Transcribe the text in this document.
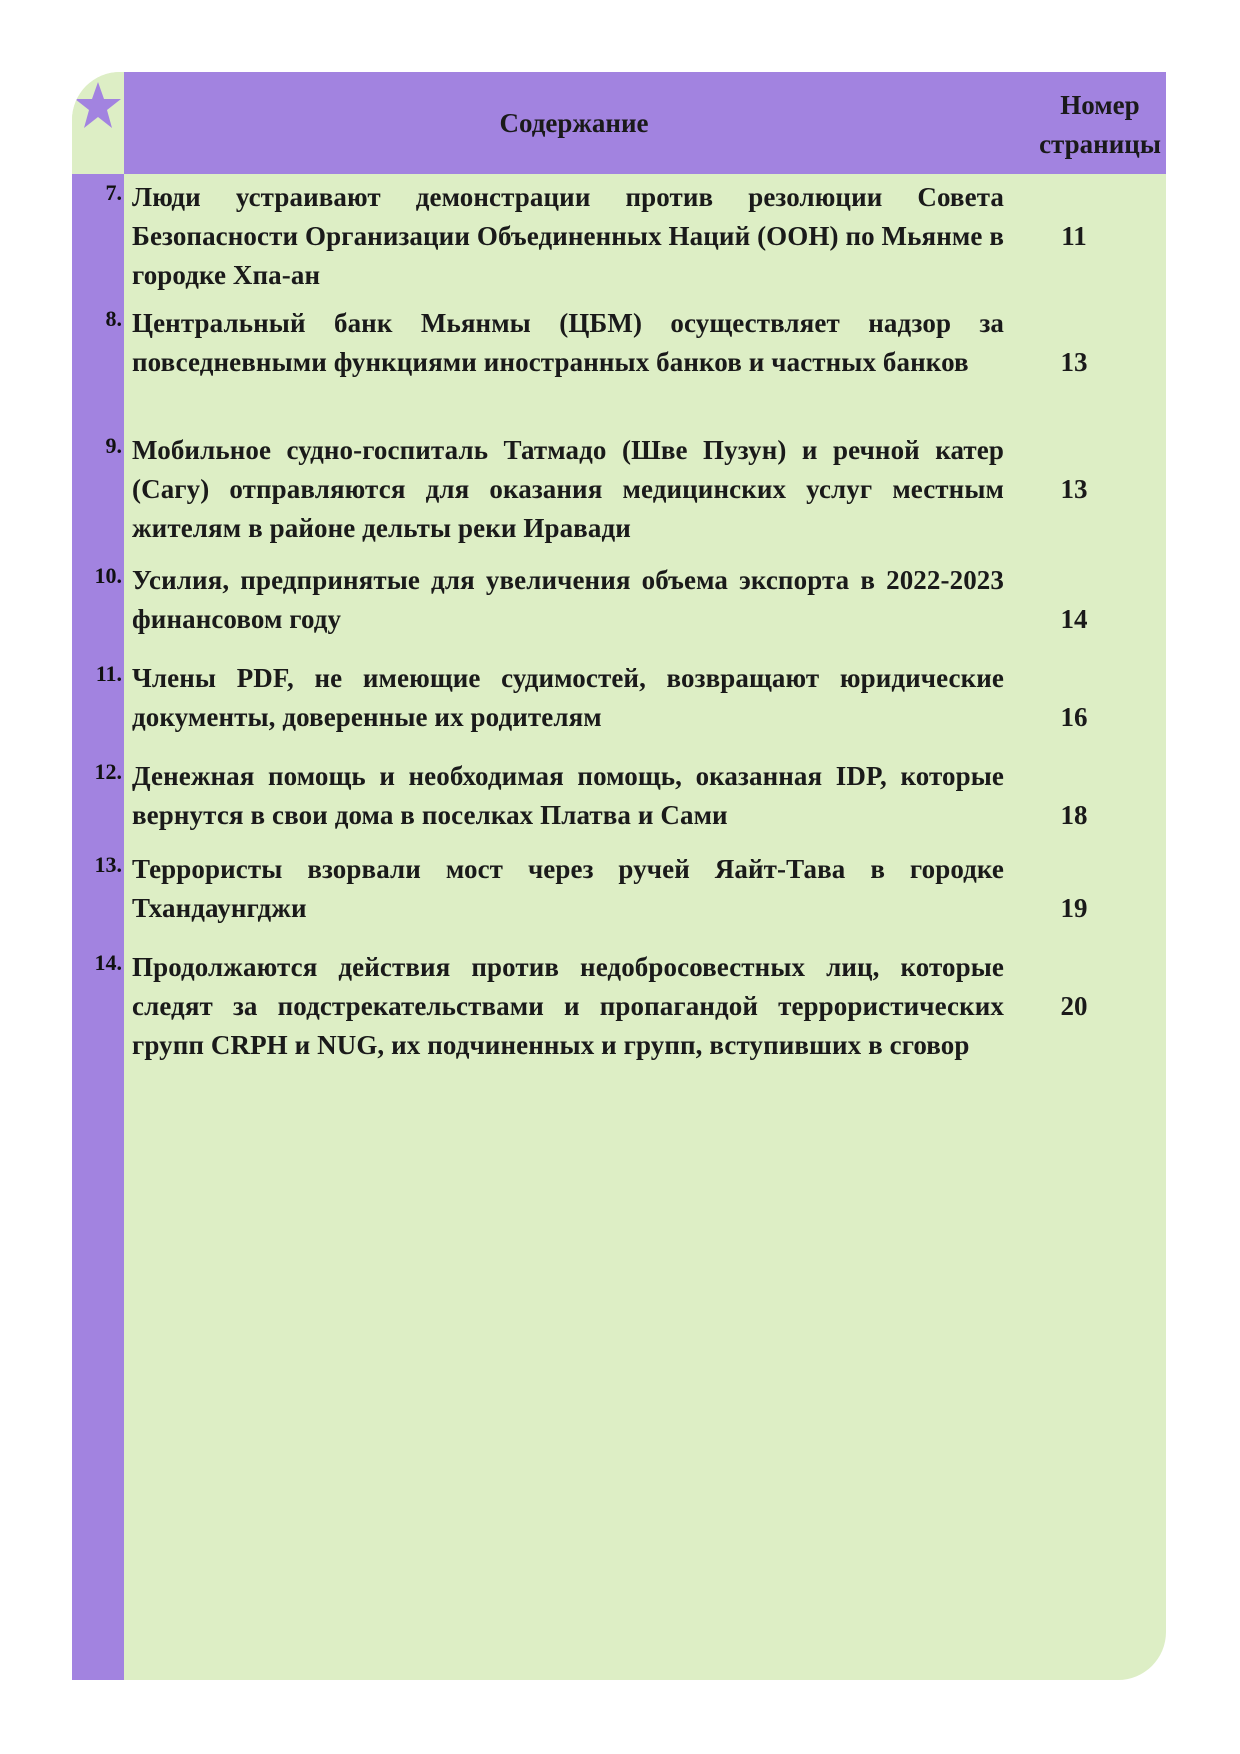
Содержание
Номер
страницы
7. Люди устраивают демонстрации против резолюции Совета Безопасности Организации Объединенных Наций (ООН) по Мьянме в городке Хпа-ан
11
8. Центральный банк Мьянмы (ЦБМ) осуществляет надзор за повседневными функциями иностранных банков и частных банков	13
9. Мобильное судно-госпиталь Татмадо (Шве Пузун) и речной катер (Сагу) отправляются для оказания медицинских услуг местным жителям в районе дельты реки Иравади
13
10. Усилия, предпринятые для увеличения объема экспорта в 2022-2023 финансовом году	14
11. Члены PDF, не имеющие судимостей, возвращают юридические документы, доверенные их родителям	16
12. Денежная помощь и необходимая помощь, оказанная IDP, которые вернутся в свои дома в поселках Платва и Сами	18
13. Террористы взорвали мост через ручей Яайт-Тава в городке Тхандаунгджи	19
14. Продолжаются действия против недобросовестных лиц, которые следят за подстрекательствами и пропагандой террористических групп CRPH и NUG, их подчиненных и групп, вступивших в сговор
20
